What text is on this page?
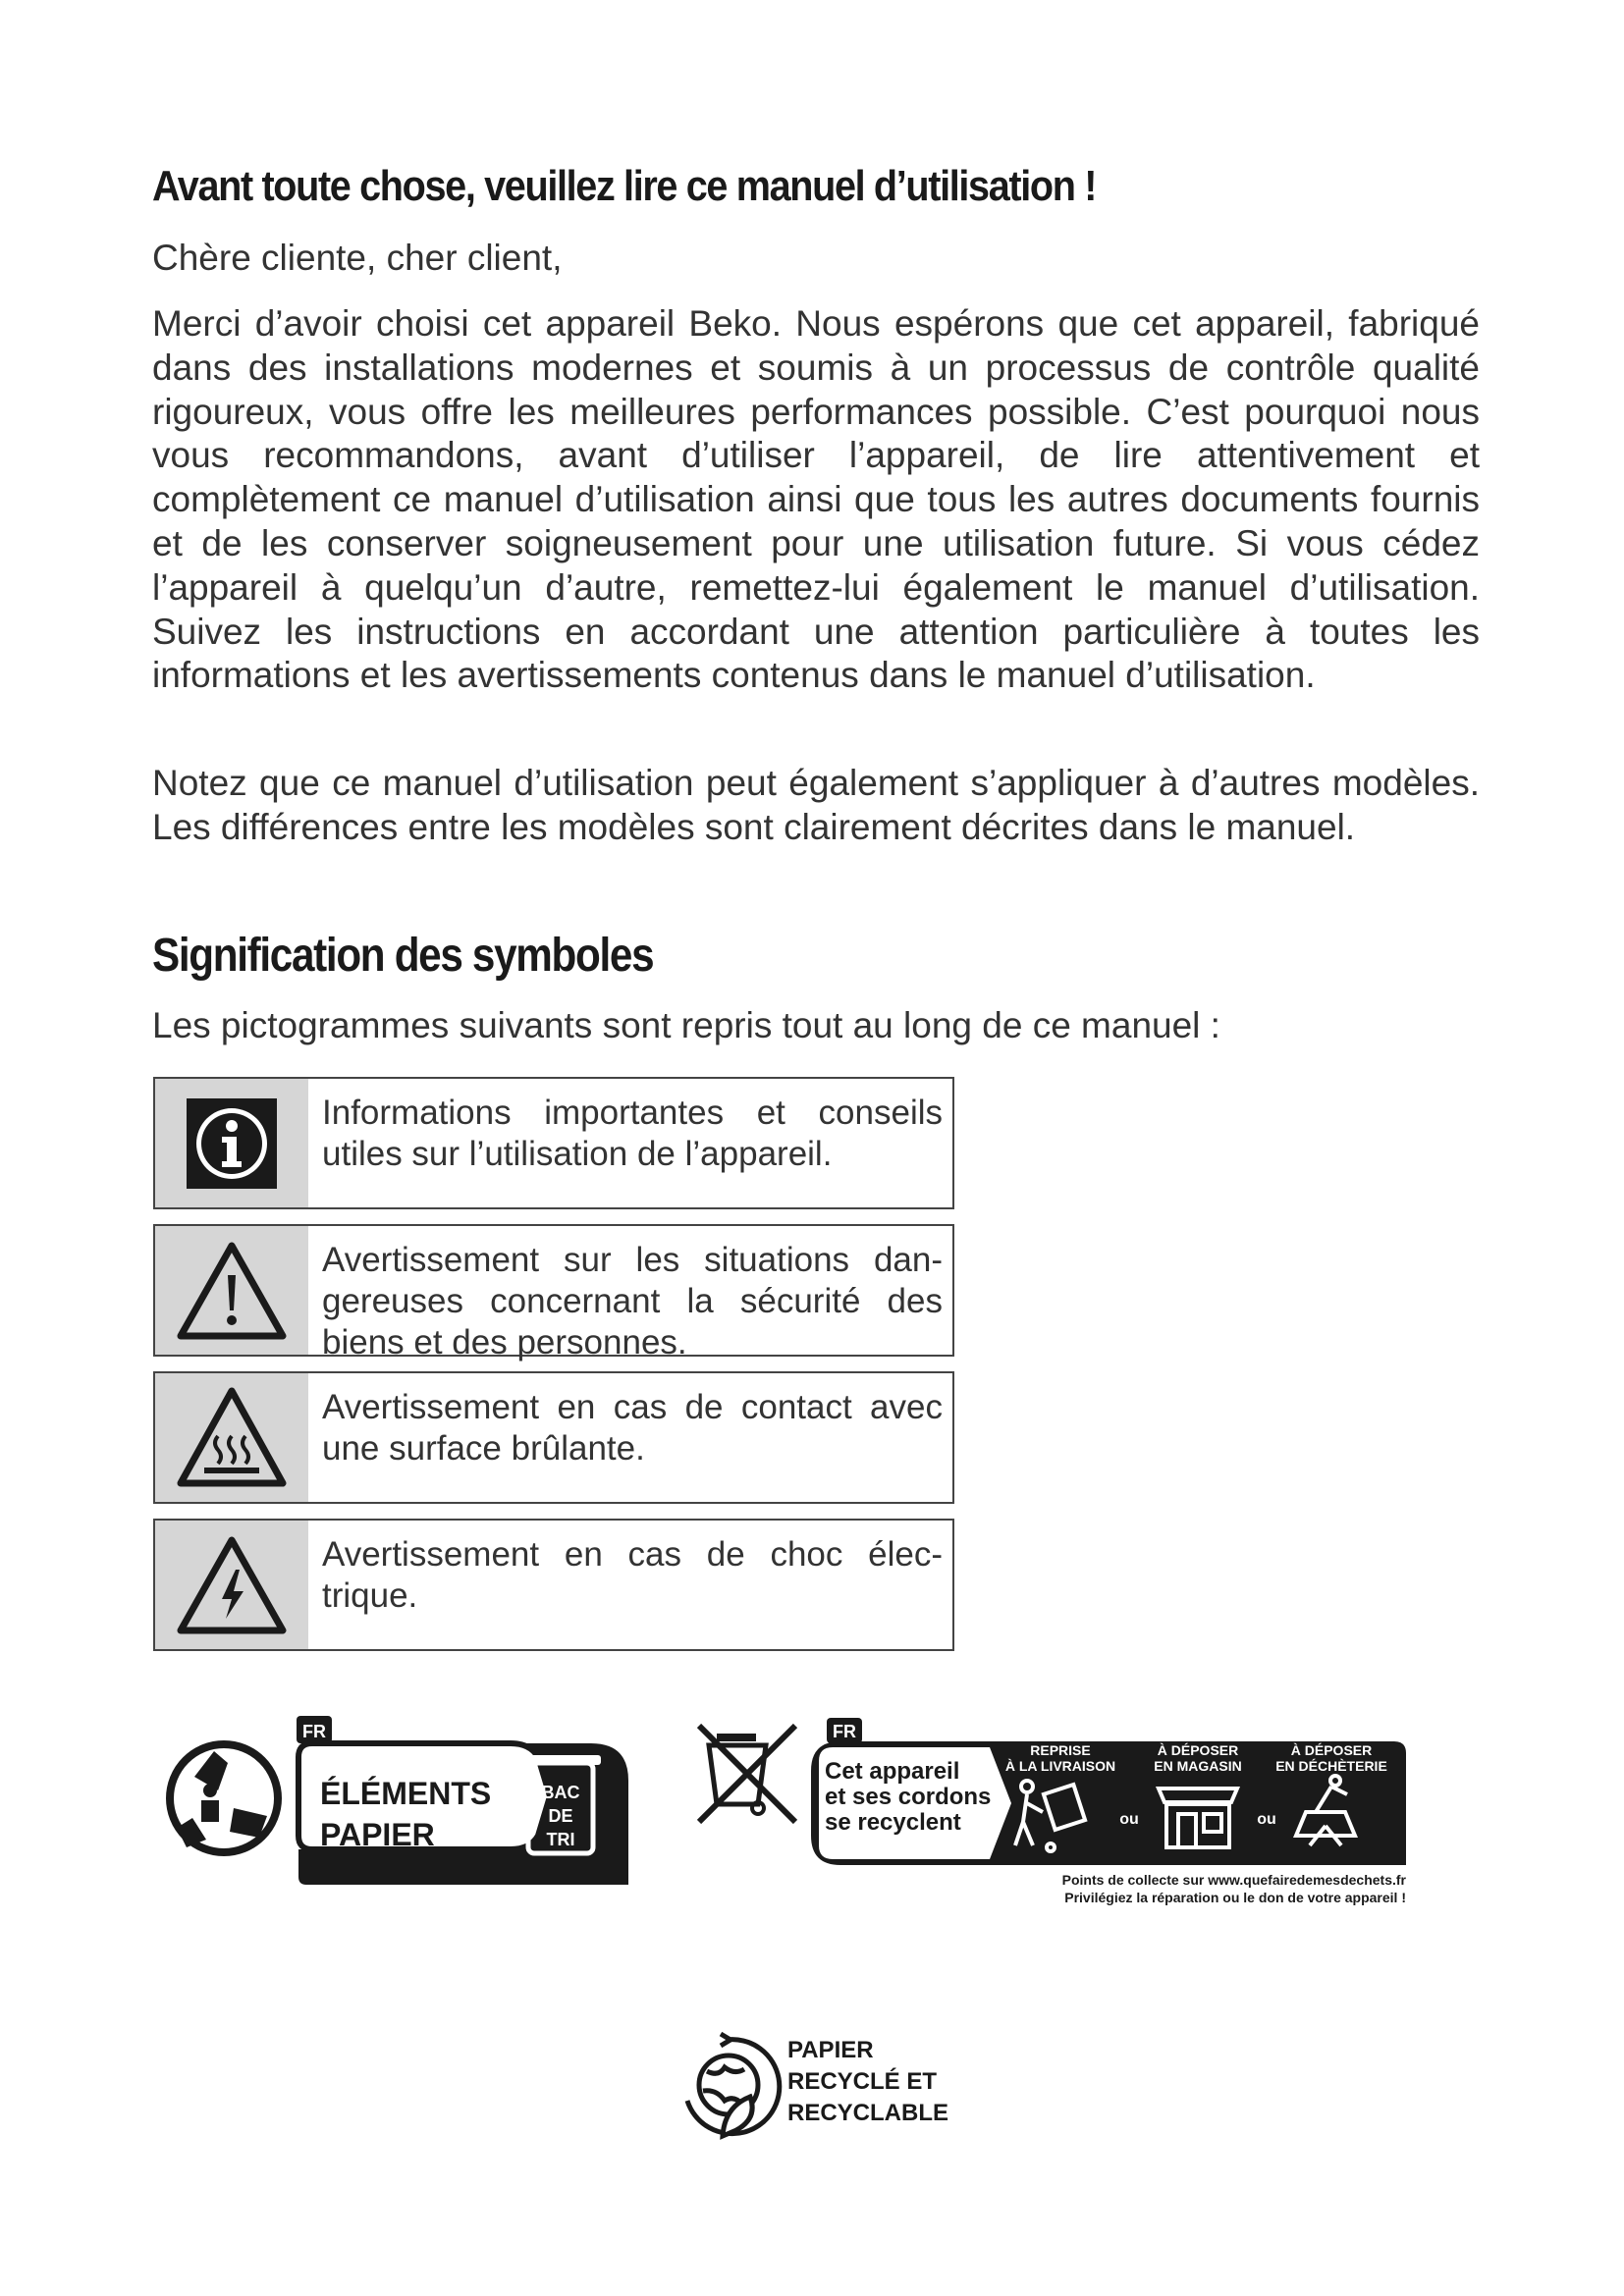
Avant toute chose, veuillez lire ce manuel d’utilisation !
Chère cliente, cher client,
Merci d’avoir choisi cet appareil Beko. Nous espérons que cet appareil, fabriqué dans des installations modernes et soumis à un processus de contrôle qualité rigoureux, vous offre les meilleures performances possible. C’est pourquoi nous vous recommandons, avant d’utiliser l’appareil, de lire attentivement et complètement ce manuel d’utilisation ainsi que tous les autres documents fournis et de les conserver soigneusement pour une utilisation future. Si vous cédez l’appareil à quelqu’un d’autre, remettez-lui également le manuel d’utilisation. Suivez les instructions en accordant une attention particulière à toutes les informations et les avertissements contenus dans le manuel d’utilisation.
Notez que ce manuel d’utilisation peut également s’appliquer à d’autres modèles. Les différences entre les modèles sont clairement décrites dans le manuel.
Signification des symboles
Les pictogrammes suivants sont repris tout au long de ce manuel :
Informations importantes et conseils utiles sur l’utilisation de l’appareil.
Avertissement sur les situations dangereuses concernant la sécurité des biens et des personnes.
Avertissement en cas de contact avec une surface brûlante.
Avertissement en cas de choc électrique.
FR
ÉLÉMENTS
PAPIER
BAC
DE
TRI
FR
Cet appareil
et ses cordons
se recyclent
REPRISE
À LA LIVRAISON
À DÉPOSER
EN MAGASIN
À DÉPOSER
EN DÉCHÈTERIE
ou	ou
Points de collecte sur www.quefairedemesdechets.fr
Privilégiez la réparation ou le don de votre appareil !
PAPIER
RECYCLÉ ET
RECYCLABLE
